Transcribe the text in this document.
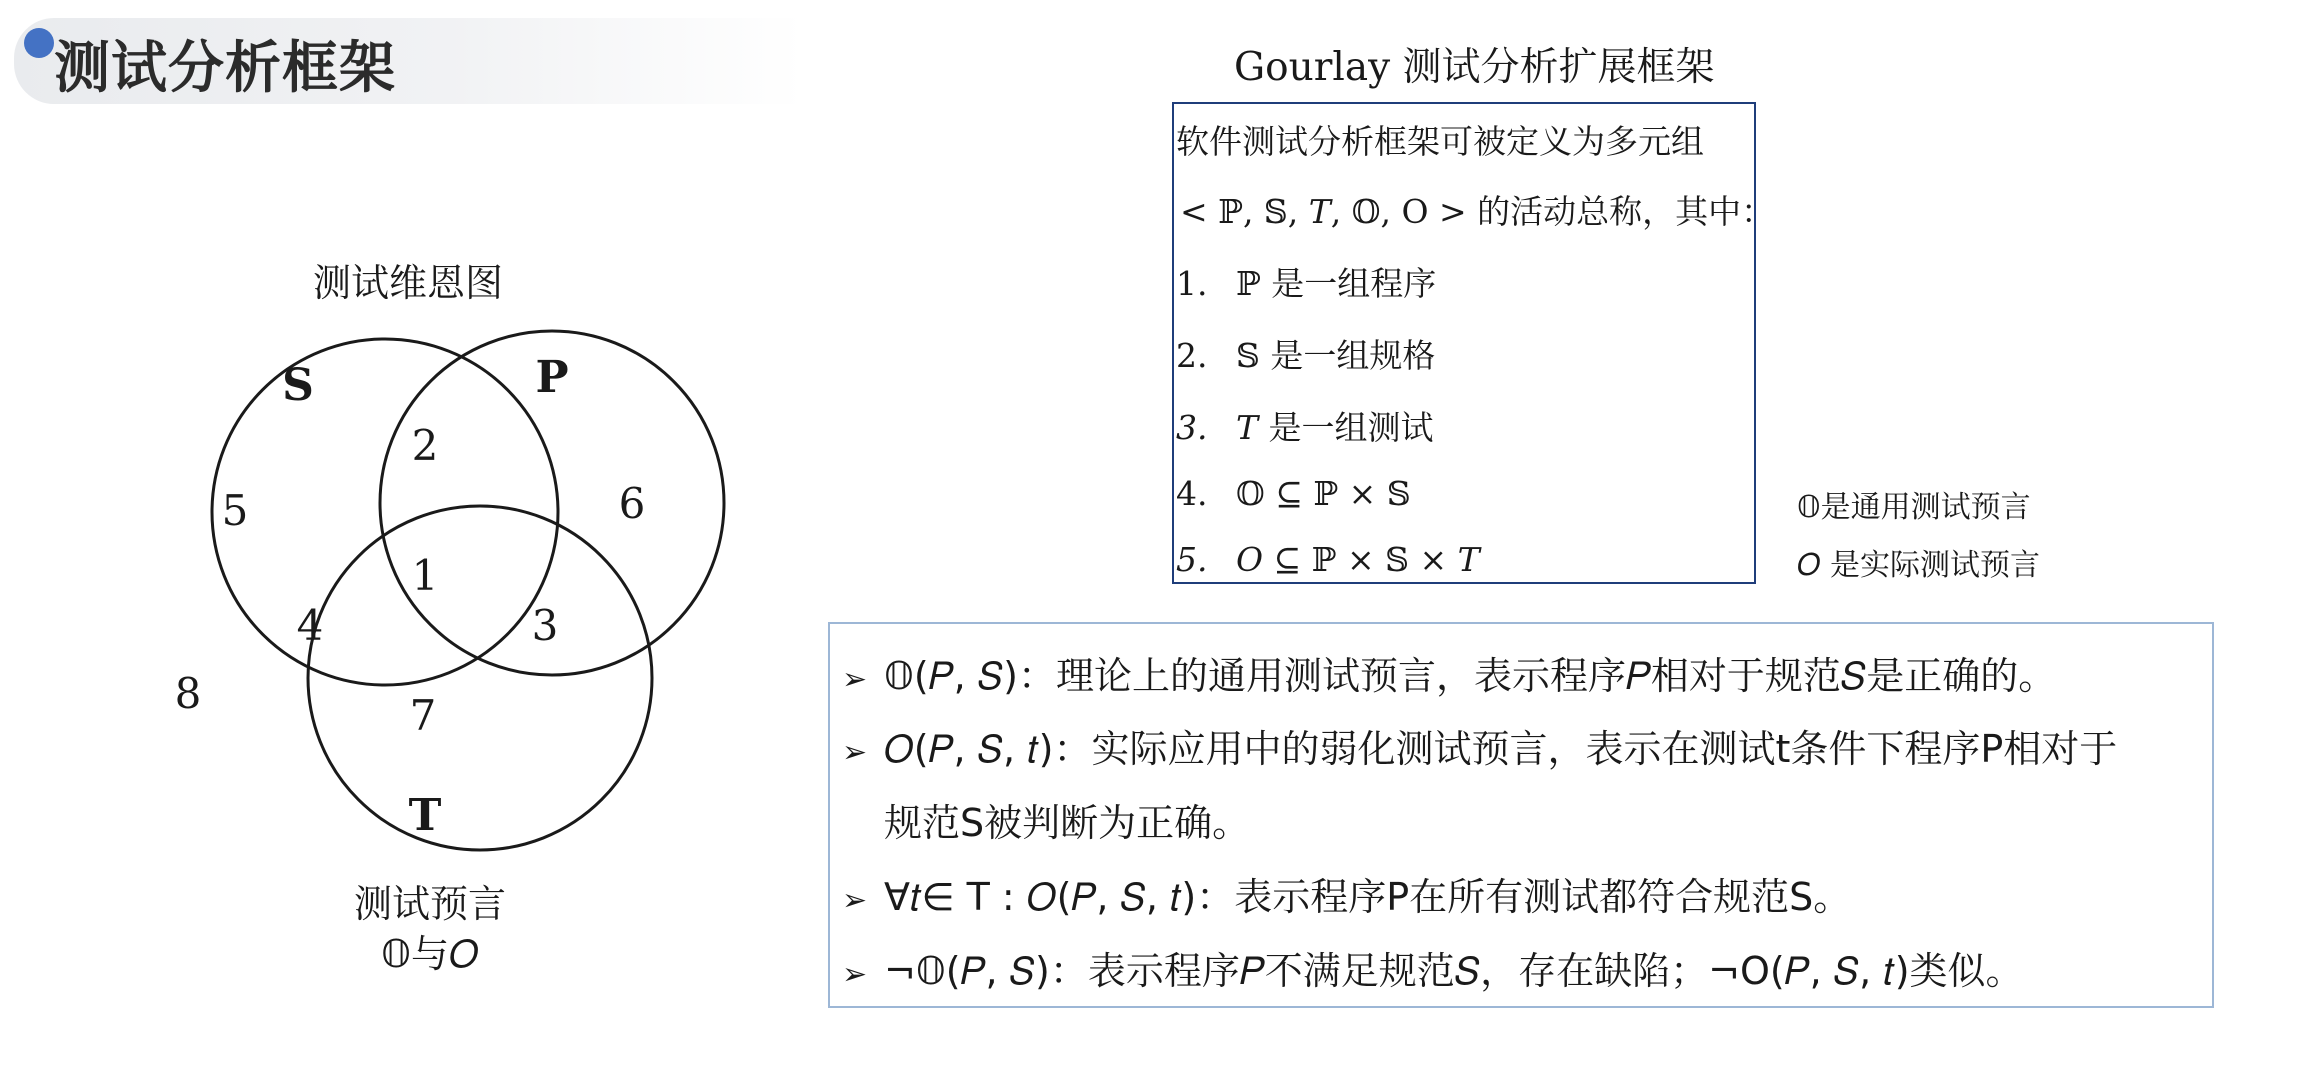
测试分析框架
测试维恩图
S	P
T
1
2
3
4
5	6
7
8
测试预言
𝕆与𝑂
Gourlay 测试分析扩展框架
软件测试分析框架可被定义为多元组
< ℙ, 𝕊, 𝑇, 𝕆, O > 的活动总称，其中：
1. ℙ 是一组程序
2. 𝕊 是一组规格
3. 𝑇 是一组测试
4. 𝕆 ⊆ ℙ × 𝕊
5. 𝑂 ⊆ ℙ × 𝕊 × 𝑇
𝕆是通用测试预言
𝑂 是实际测试预言
➢ 𝕆(𝑃, 𝑆)：理论上的通用测试预言，表示程序𝑃相对于规范𝑆是正确的。
➢ 𝑂(𝑃, 𝑆, 𝑡)：实际应用中的弱化测试预言，表示在测试t条件下程序P相对于
规范S被判断为正确。
➢ ∀𝑡∈ T : 𝑂(𝑃, 𝑆, 𝑡)：表示程序P在所有测试都符合规范S。
➢ ¬𝕆(𝑃, 𝑆)：表示程序𝑃不满足规范𝑆，存在缺陷；¬O(𝑃, 𝑆, 𝑡)类似。
